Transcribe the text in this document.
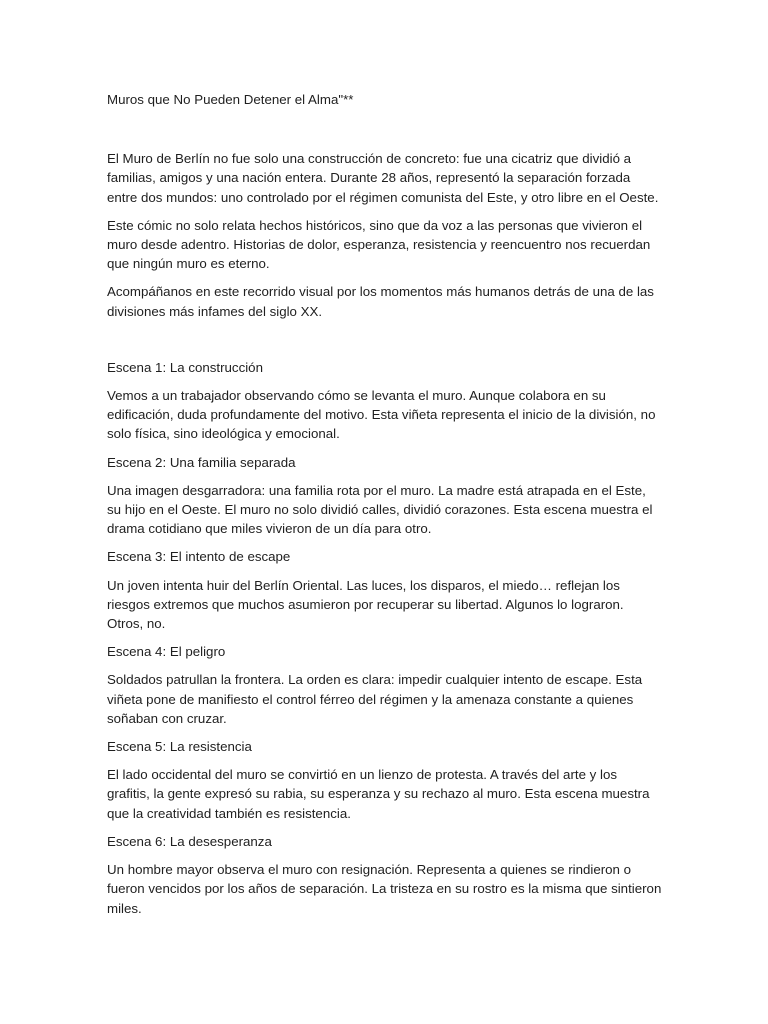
Muros que No Pueden Detener el Alma"**

El Muro de Berlín no fue solo una construcción de concreto: fue una cicatriz que dividió a familias, amigos y una nación entera. Durante 28 años, representó la separación forzada entre dos mundos: uno controlado por el régimen comunista del Este, y otro libre en el Oeste.

Este cómic no solo relata hechos históricos, sino que da voz a las personas que vivieron el muro desde adentro. Historias de dolor, esperanza, resistencia y reencuentro nos recuerdan que ningún muro es eterno.

Acompáñanos en este recorrido visual por los momentos más humanos detrás de una de las divisiones más infames del siglo XX.

Escena 1: La construcción

Vemos a un trabajador observando cómo se levanta el muro. Aunque colabora en su edificación, duda profundamente del motivo. Esta viñeta representa el inicio de la división, no solo física, sino ideológica y emocional.

Escena 2: Una familia separada

Una imagen desgarradora: una familia rota por el muro. La madre está atrapada en el Este, su hijo en el Oeste. El muro no solo dividió calles, dividió corazones. Esta escena muestra el drama cotidiano que miles vivieron de un día para otro.

Escena 3: El intento de escape

Un joven intenta huir del Berlín Oriental. Las luces, los disparos, el miedo… reflejan los riesgos extremos que muchos asumieron por recuperar su libertad. Algunos lo lograron. Otros, no.

Escena 4: El peligro

Soldados patrullan la frontera. La orden es clara: impedir cualquier intento de escape. Esta viñeta pone de manifiesto el control férreo del régimen y la amenaza constante a quienes soñaban con cruzar.

Escena 5: La resistencia

El lado occidental del muro se convirtió en un lienzo de protesta. A través del arte y los grafitis, la gente expresó su rabia, su esperanza y su rechazo al muro. Esta escena muestra que la creatividad también es resistencia.

Escena 6: La desesperanza

Un hombre mayor observa el muro con resignación. Representa a quienes se rindieron o fueron vencidos por los años de separación. La tristeza en su rostro es la misma que sintieron miles.
